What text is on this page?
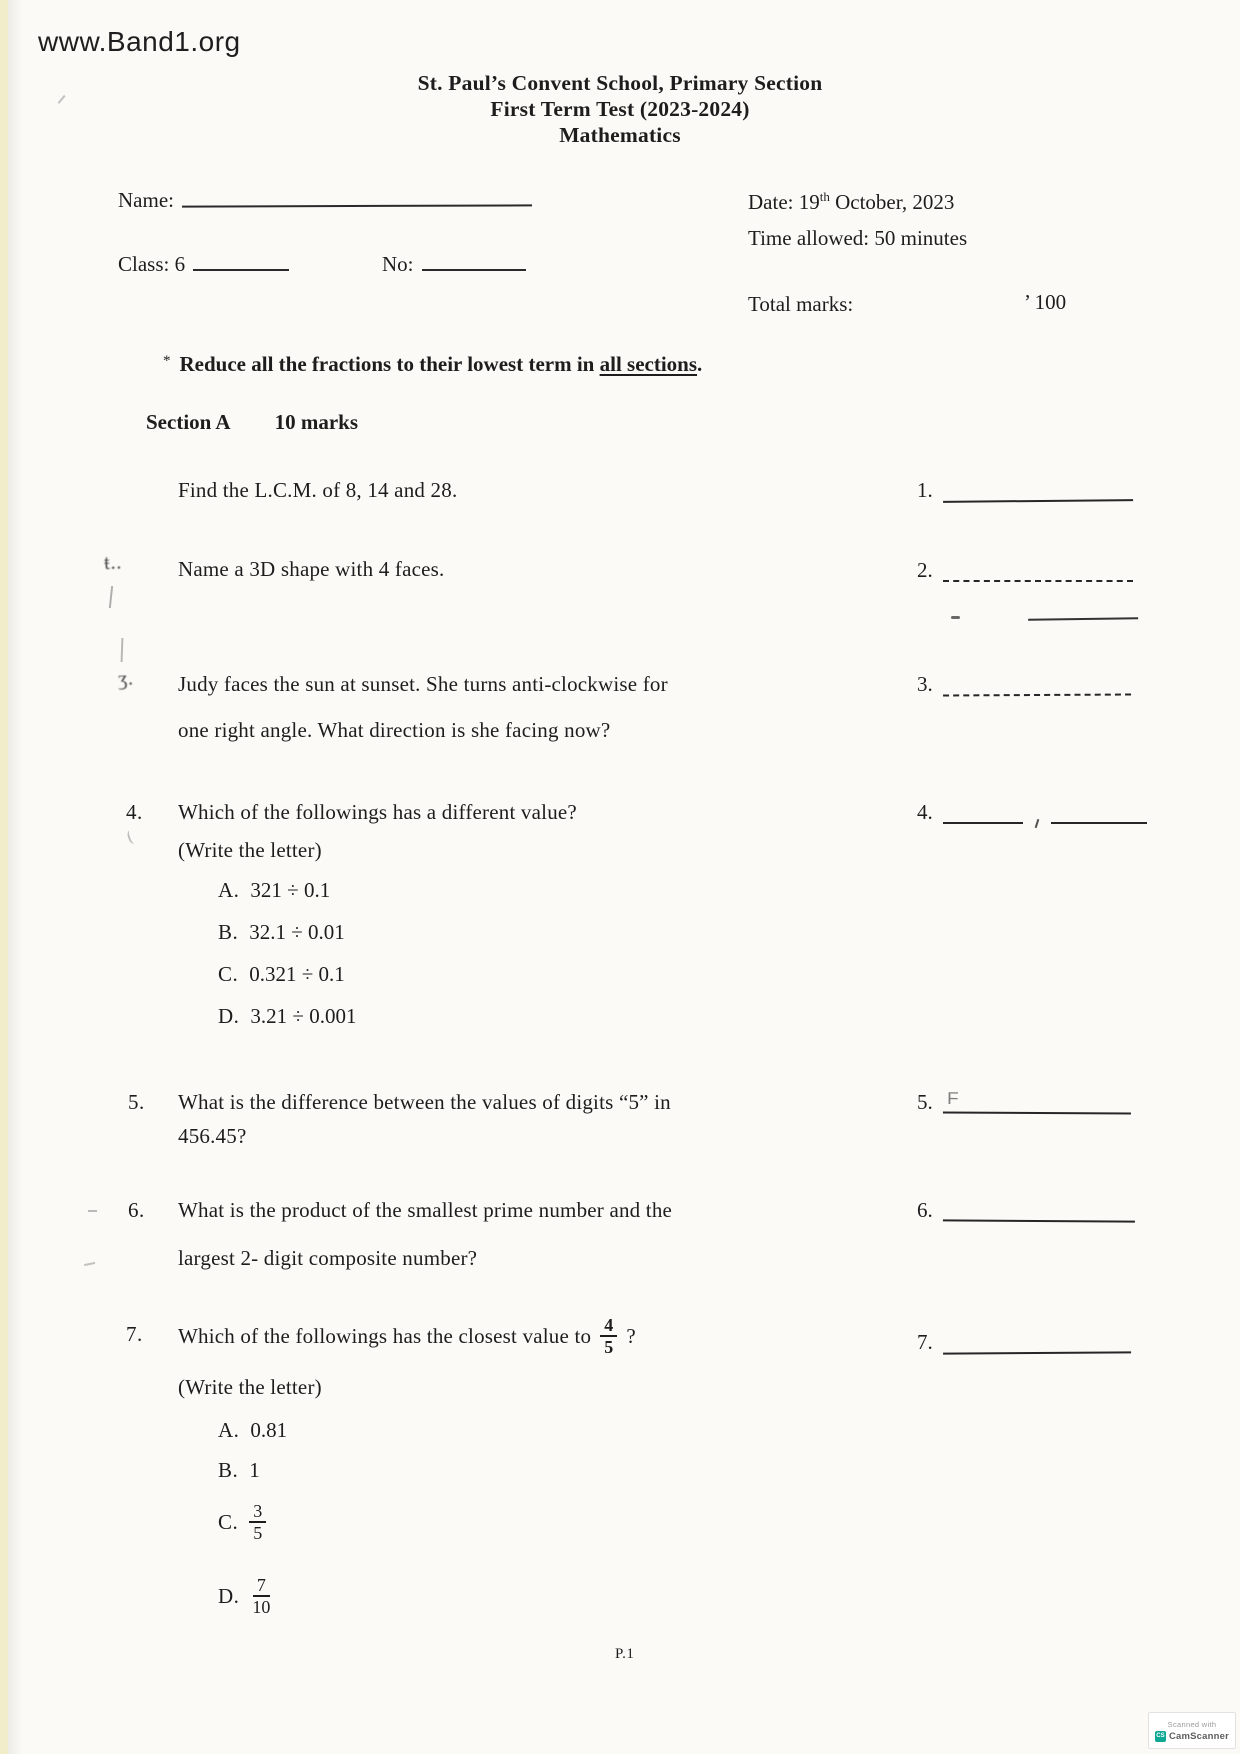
www.Band1.org
St. Paul’s Convent School, Primary Section
First Term Test (2023-2024)
Mathematics
Name:	Date: 19th October, 2023
Time allowed: 50 minutes
Class: 6	No:
Total marks:	’ 100
* Reduce all the fractions to their lowest term in all sections.
Section A 10 marks
Find the L.C.M. of 8, 14 and 28.	1.
ŧ..	Name a 3D shape with 4 faces.	2.
ʒ. Judy faces the sun at sunset. She turns anti-clockwise for
one right angle. What direction is she facing now?
3.
4. Which of the followings has a different value?
(Write the letter)
4.
A. 321 ÷ 0.1
B. 32.1 ÷ 0.01
C. 0.321 ÷ 0.1
D. 3.21 ÷ 0.001
5. What is the difference between the values of digits “5” in
456.45?
5. F
6. What is the product of the smallest prime number and the
largest 2- digit composite number?
6.
7. Which of the followings has the closest value to $\frac{4}{5}$ ?
(Write the letter)
7.
A. 0.81
B. 1
C. $\frac{3}{5}$
D. $\frac{7}{10}$
P.1
Scanned with
CS CamScanner
